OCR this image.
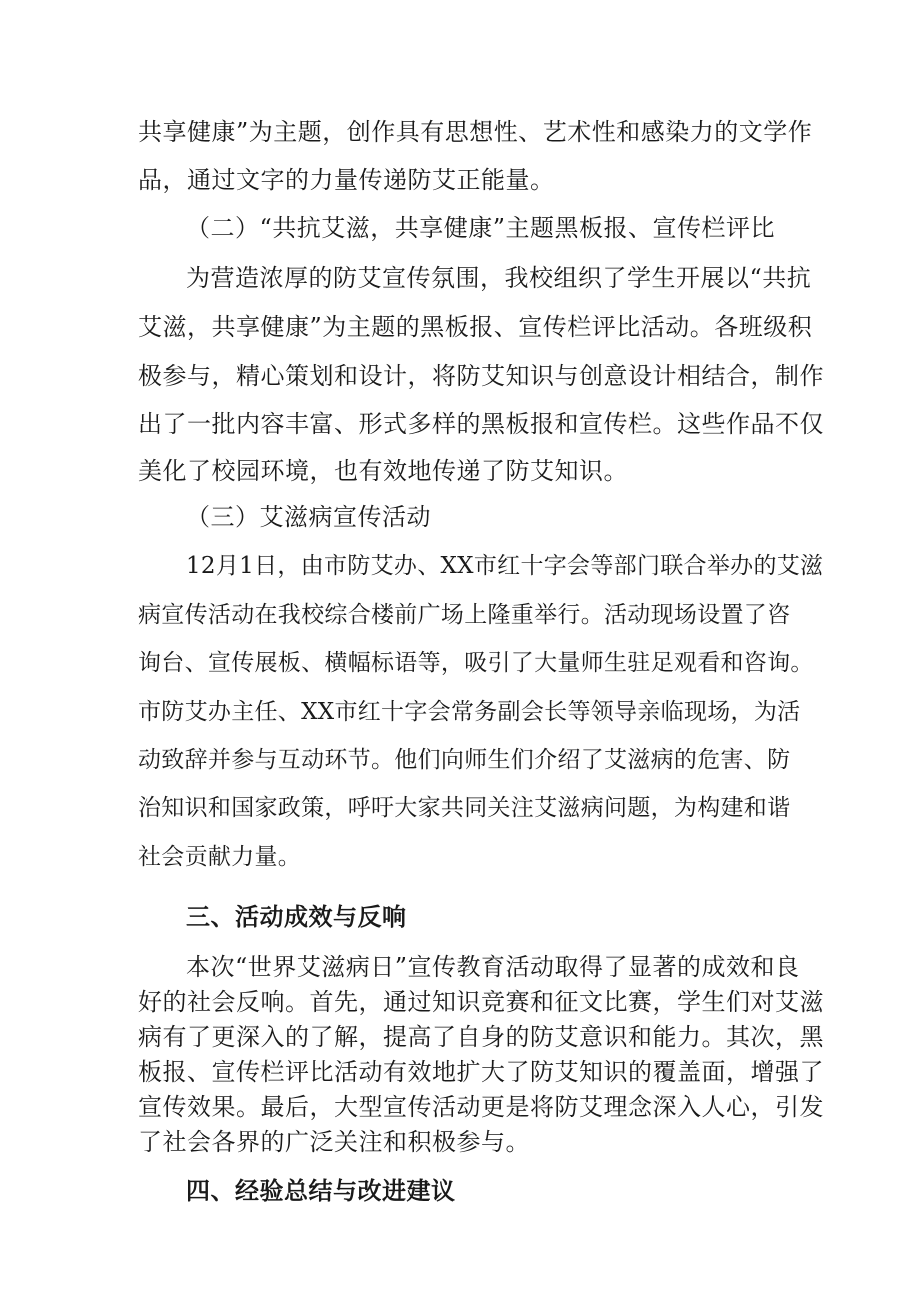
共享健康”为主题，创作具有思想性、艺术性和感染力的文学作
品，通过文字的力量传递防艾正能量。
（二）“共抗艾滋，共享健康”主题黑板报、宣传栏评比
为营造浓厚的防艾宣传氛围，我校组织了学生开展以“共抗
艾滋，共享健康”为主题的黑板报、宣传栏评比活动。各班级积
极参与，精心策划和设计，将防艾知识与创意设计相结合，制作
出了一批内容丰富、形式多样的黑板报和宣传栏。这些作品不仅
美化了校园环境，也有效地传递了防艾知识。
（三）艾滋病宣传活动
12月1日，由市防艾办、XX市红十字会等部门联合举办的艾滋
病宣传活动在我校综合楼前广场上隆重举行。活动现场设置了咨
询台、宣传展板、横幅标语等，吸引了大量师生驻足观看和咨询。
市防艾办主任、XX市红十字会常务副会长等领导亲临现场，为活
动致辞并参与互动环节。他们向师生们介绍了艾滋病的危害、防
治知识和国家政策，呼吁大家共同关注艾滋病问题，为构建和谐
社会贡献力量。
三、活动成效与反响
本次“世界艾滋病日”宣传教育活动取得了显著的成效和良
好的社会反响。首先，通过知识竞赛和征文比赛，学生们对艾滋
病有了更深入的了解，提高了自身的防艾意识和能力。其次，黑
板报、宣传栏评比活动有效地扩大了防艾知识的覆盖面，增强了
宣传效果。最后，大型宣传活动更是将防艾理念深入人心，引发
了社会各界的广泛关注和积极参与。
四、经验总结与改进建议
